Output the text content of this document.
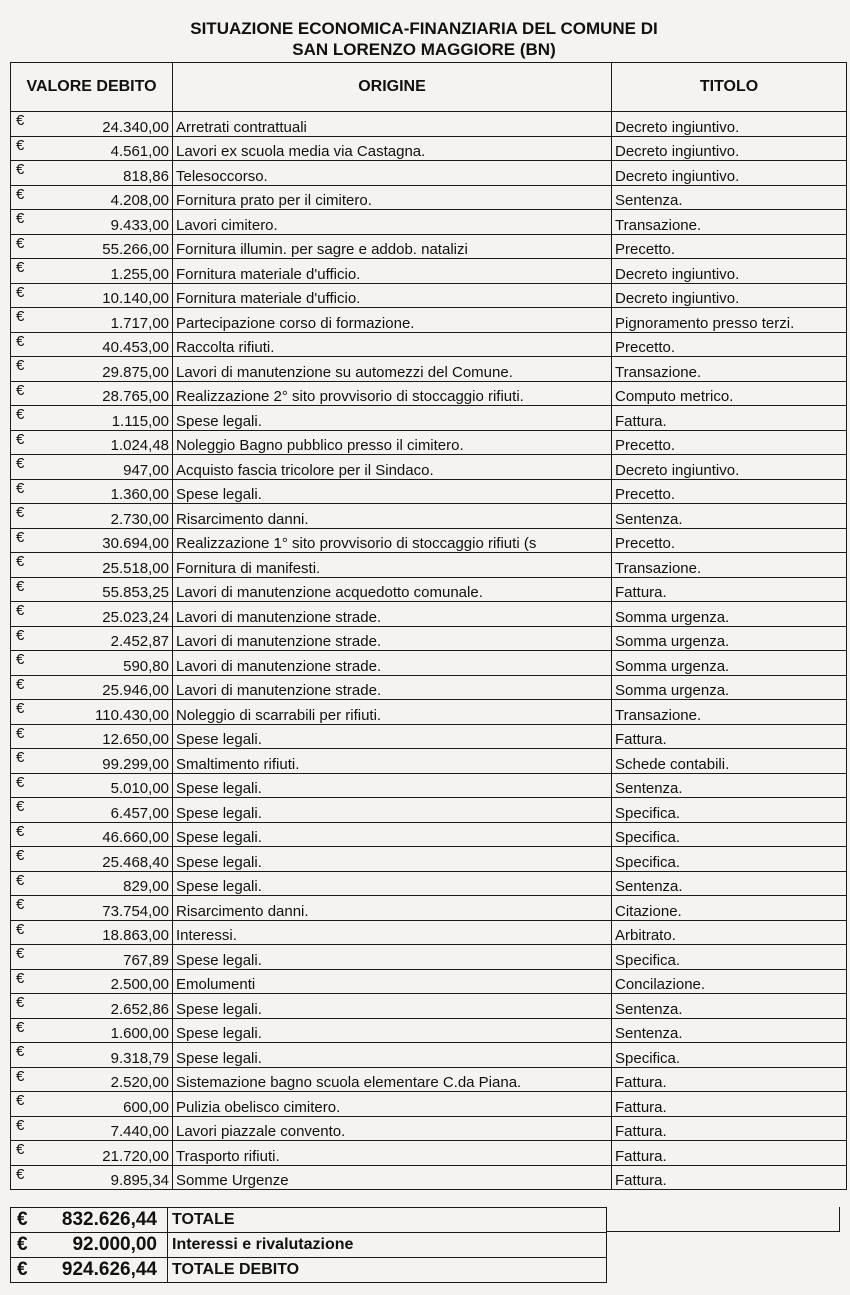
SITUAZIONE ECONOMICA-FINANZIARIA DEL COMUNE DI
SAN LORENZO MAGGIORE (BN)
VALORE DEBITO	ORIGINE	TITOLO

€ 24.340,00	Arretrati contrattuali	Decreto ingiuntivo.

€ 4.561,00	Lavori ex scuola media via Castagna.	Decreto ingiuntivo.

€ 818,86	Telesoccorso.	Decreto ingiuntivo.

€ 4.208,00	Fornitura prato per il cimitero.	Sentenza.

€ 9.433,00	Lavori cimitero.	Transazione.

€ 55.266,00	Fornitura illumin. per sagre e addob. natalizi	Precetto.

€ 1.255,00	Fornitura materiale d'ufficio.	Decreto ingiuntivo.

€ 10.140,00	Fornitura materiale d'ufficio.	Decreto ingiuntivo.

€ 1.717,00	Partecipazione corso di formazione.	Pignoramento presso terzi.

€ 40.453,00	Raccolta rifiuti.	Precetto.

€ 29.875,00	Lavori di manutenzione su automezzi del Comune.	Transazione.

€ 28.765,00	Realizzazione 2° sito provvisorio di stoccaggio rifiuti.	Computo metrico.

€ 1.115,00	Spese legali.	Fattura.

€ 1.024,48	Noleggio Bagno pubblico presso il cimitero.	Precetto.

€ 947,00	Acquisto fascia tricolore per il Sindaco.	Decreto ingiuntivo.

€ 1.360,00	Spese legali.	Precetto.

€ 2.730,00	Risarcimento danni.	Sentenza.

€ 30.694,00	Realizzazione 1° sito provvisorio di stoccaggio rifiuti (s	Precetto.

€ 25.518,00	Fornitura di manifesti.	Transazione.

€ 55.853,25	Lavori di manutenzione acquedotto comunale.	Fattura.

€ 25.023,24	Lavori di manutenzione strade.	Somma urgenza.

€ 2.452,87	Lavori di manutenzione strade.	Somma urgenza.

€ 590,80	Lavori di manutenzione strade.	Somma urgenza.

€ 25.946,00	Lavori di manutenzione strade.	Somma urgenza.

€ 110.430,00	Noleggio di scarrabili per rifiuti.	Transazione.

€ 12.650,00	Spese legali.	Fattura.

€ 99.299,00	Smaltimento rifiuti.	Schede contabili.

€ 5.010,00	Spese legali.	Sentenza.

€ 6.457,00	Spese legali.	Specifica.

€ 46.660,00	Spese legali.	Specifica.

€ 25.468,40	Spese legali.	Specifica.

€ 829,00	Spese legali.	Sentenza.

€ 73.754,00	Risarcimento danni.	Citazione.

€ 18.863,00	Interessi.	Arbitrato.

€ 767,89	Spese legali.	Specifica.

€ 2.500,00	Emolumenti	Concilazione.

€ 2.652,86	Spese legali.	Sentenza.

€ 1.600,00	Spese legali.	Sentenza.

€ 9.318,79	Spese legali.	Specifica.

€ 2.520,00	Sistemazione bagno scuola elementare C.da Piana.	Fattura.

€ 600,00	Pulizia obelisco cimitero.	Fattura.

€ 7.440,00	Lavori piazzale convento.	Fattura.

€ 21.720,00	Trasporto rifiuti.	Fattura.

€ 9.895,34	Somme Urgenze	Fattura.
€ 832.626,44	TOTALE

€ 92.000,00	Interessi e rivalutazione

€ 924.626,44	TOTALE DEBITO
